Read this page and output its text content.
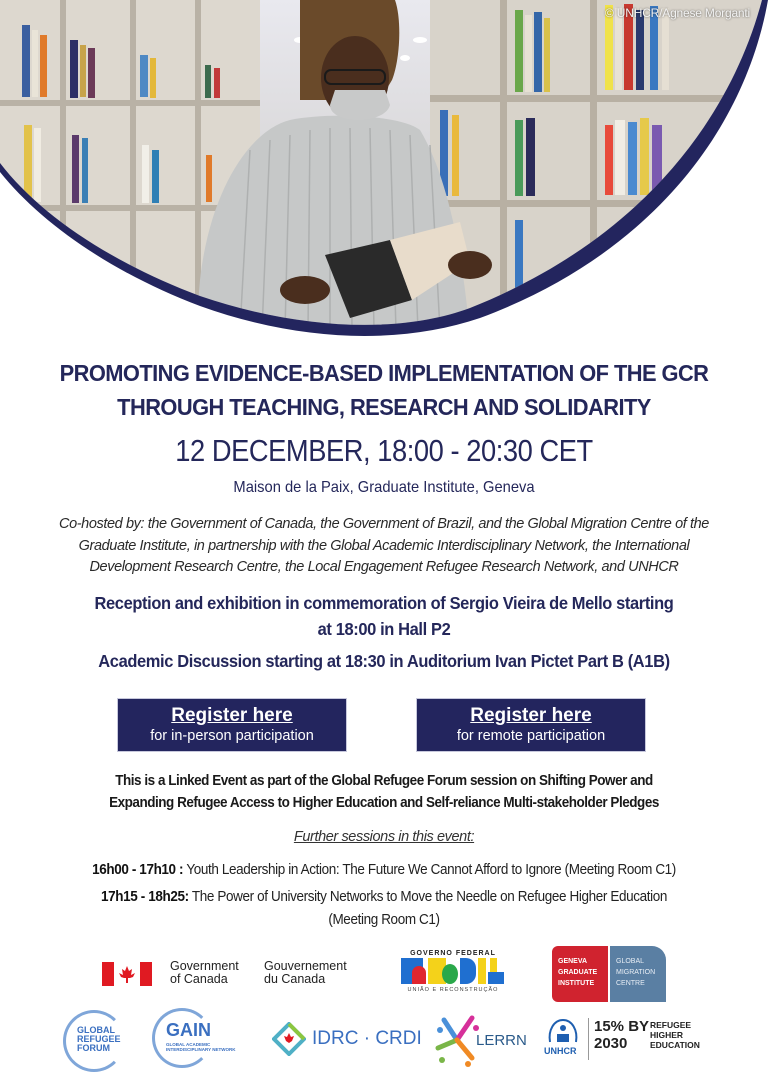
© UNHCR/Agnese Morganti
PROMOTING EVIDENCE-BASED IMPLEMENTATION OF THE GCR
THROUGH TEACHING, RESEARCH AND SOLIDARITY
12 DECEMBER, 18:00 - 20:30 CET
Maison de la Paix, Graduate Institute, Geneva
Co-hosted by: the Government of Canada, the Government of Brazil, and the Global Migration Centre of the
Graduate Institute, in partnership with the Global Academic Interdisciplinary Network, the International
Development Research Centre, the Local Engagement Refugee Research Network, and UNHCR
Reception and exhibition in commemoration of Sergio Vieira de Mello starting
at 18:00 in Hall P2
Academic Discussion starting at 18:30 in Auditorium Ivan Pictet Part B (A1B)
Register here
for in-person participation
Register here
for remote participation
This is a Linked Event as part of the Global Refugee Forum session on Shifting Power and
Expanding Refugee Access to Higher Education and Self-reliance Multi-stakeholder Pledges
Further sessions in this event:
16h00 - 17h10 : Youth Leadership in Action: The Future We Cannot Afford to Ignore (Meeting Room C1)
17h15 - 18h25: The Power of University Networks to Move the Needle on Refugee Higher Education
(Meeting Room C1)
Government
of Canada
Gouvernement
du Canada
GOVERNO FEDERAL
UNIÃO E RECONSTRUÇÃO
GENEVA
GRADUATE
INSTITUTE
GLOBAL
MIGRATION
CENTRE
GLOBAL
REFUGEE
FORUM
GAIN
GLOBAL ACADEMIC
INTERDISCIPLINARY NETWORK
IDRC · CRDI	LERRN
UNHCR
15% BY
2030
REFUGEE
HIGHER
EDUCATION
